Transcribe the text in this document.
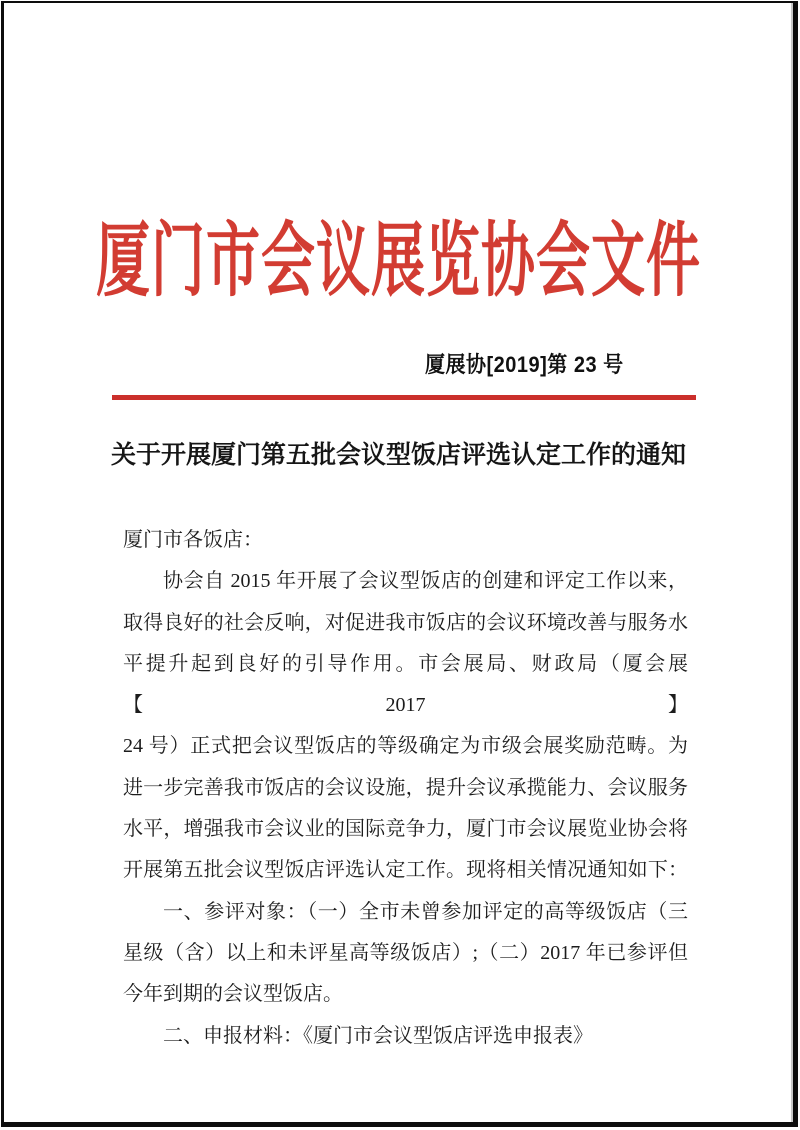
厦门市会议展览协会文件
厦展协[2019]第 23 号
关于开展厦门第五批会议型饭店评选认定工作的通知
厦门市各饭店：
协会自 2015 年开展了会议型饭店的创建和评定工作以来，
取得良好的社会反响，对促进我市饭店的会议环境改善与服务水
平提升起到良好的引导作用。市会展局、财政局（厦会展【2017】
24 号）正式把会议型饭店的等级确定为市级会展奖励范畴。为
进一步完善我市饭店的会议设施，提升会议承揽能力、会议服务
水平，增强我市会议业的国际竞争力，厦门市会议展览业协会将
开展第五批会议型饭店评选认定工作。现将相关情况通知如下：
一、参评对象：（一）全市未曾参加评定的高等级饭店（三
星级（含）以上和未评星高等级饭店）;（二）2017 年已参评但
今年到期的会议型饭店。
二、申报材料：《厦门市会议型饭店评选申报表》
